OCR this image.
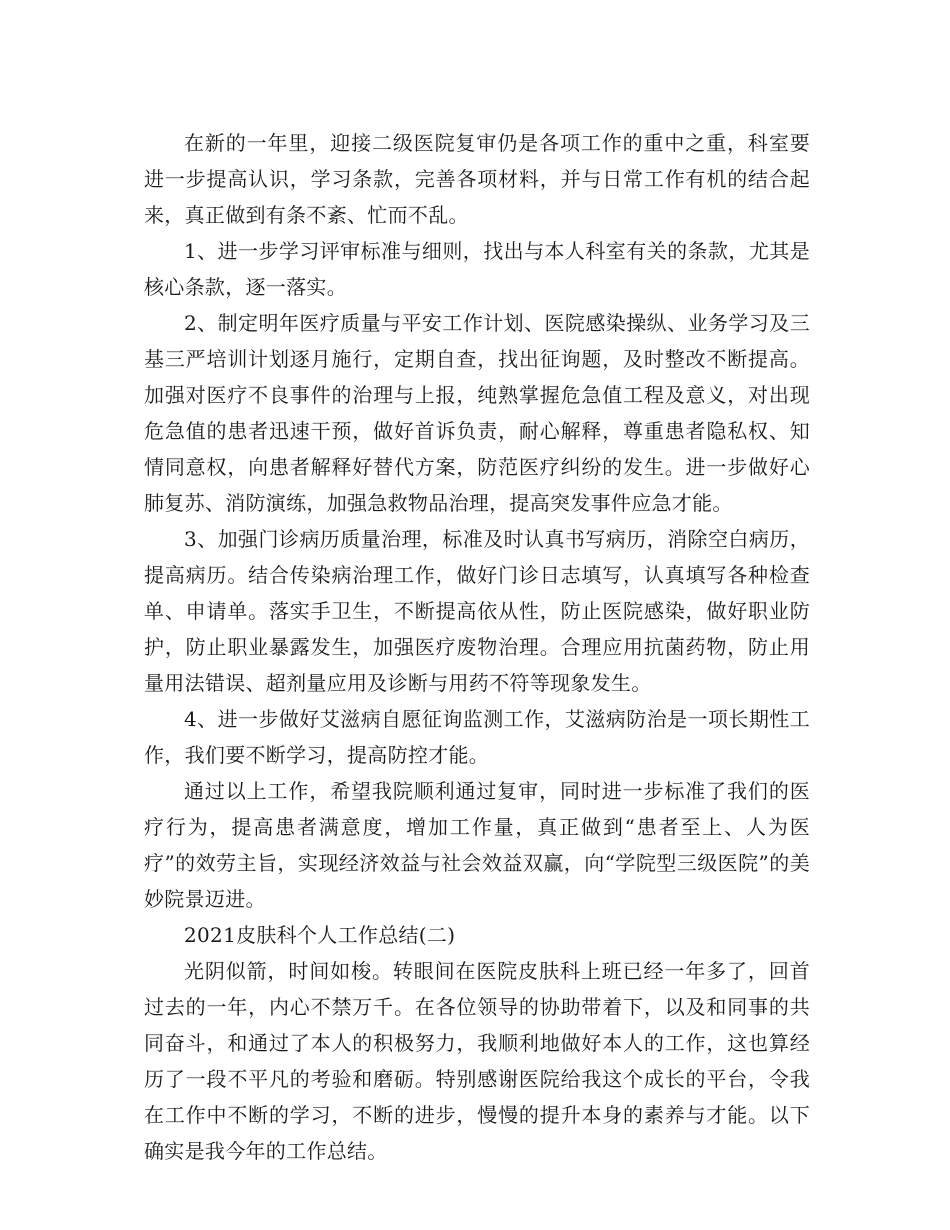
在新的一年里，迎接二级医院复审仍是各项工作的重中之重，科室要进一步提高认识，学习条款，完善各项材料，并与日常工作有机的结合起来，真正做到有条不紊、忙而不乱。

1、进一步学习评审标准与细则，找出与本人科室有关的条款，尤其是核心条款，逐一落实。

2、制定明年医疗质量与平安工作计划、医院感染操纵、业务学习及三基三严培训计划逐月施行，定期自查，找出征询题，及时整改不断提高。加强对医疗不良事件的治理与上报，纯熟掌握危急值工程及意义，对出现危急值的患者迅速干预，做好首诉负责，耐心解释，尊重患者隐私权、知情同意权，向患者解释好替代方案，防范医疗纠纷的发生。进一步做好心肺复苏、消防演练，加强急救物品治理，提高突发事件应急才能。

3、加强门诊病历质量治理，标准及时认真书写病历，消除空白病历，提高病历。结合传染病治理工作，做好门诊日志填写，认真填写各种检查单、申请单。落实手卫生，不断提高依从性，防止医院感染，做好职业防护，防止职业暴露发生，加强医疗废物治理。合理应用抗菌药物，防止用量用法错误、超剂量应用及诊断与用药不符等现象发生。

4、进一步做好艾滋病自愿征询监测工作，艾滋病防治是一项长期性工作，我们要不断学习，提高防控才能。

通过以上工作，希望我院顺利通过复审，同时进一步标准了我们的医疗行为，提高患者满意度，增加工作量，真正做到“患者至上、人为医疗”的效劳主旨，实现经济效益与社会效益双赢，向“学院型三级医院”的美妙院景迈进。

2021皮肤科个人工作总结(二)

光阴似箭，时间如梭。转眼间在医院皮肤科上班已经一年多了，回首过去的一年，内心不禁万千。在各位领导的协助带着下，以及和同事的共同奋斗，和通过了本人的积极努力，我顺利地做好本人的工作，这也算经历了一段不平凡的考验和磨砺。特别感谢医院给我这个成长的平台，令我在工作中不断的学习，不断的进步，慢慢的提升本身的素养与才能。以下确实是我今年的工作总结。
